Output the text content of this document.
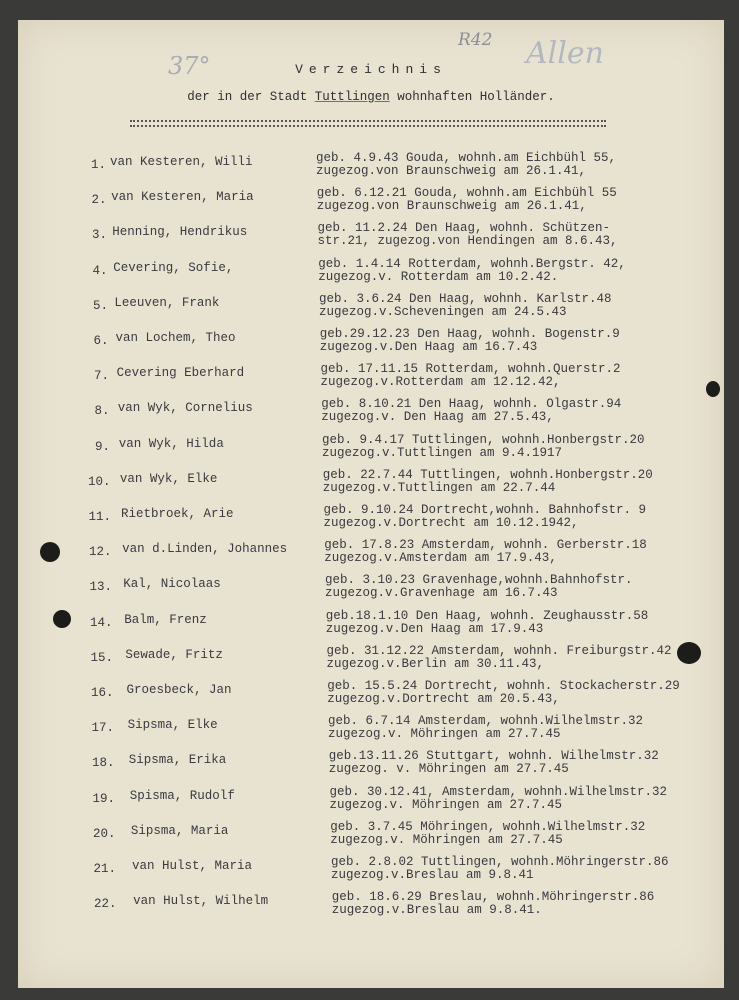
37°
R42 Allen
Verzeichnis
der in der Stadt Tuttlingen wohnhaften Holländer.
1. van Kesteren, Willi	geb. 4.9.43 Gouda, wohnh.am Eichbühl 55,
zugezog.von Braunschweig am 26.1.41,
2. van Kesteren, Maria	geb. 6.12.21 Gouda, wohnh.am Eichbühl 55
zugezog.von Braunschweig am 26.1.41,
3. Henning, Hendrikus	geb. 11.2.24 Den Haag, wohnh. Schützen-
str.21, zugezog.von Hendingen am 8.6.43,
4. Cevering, Sofie,	geb. 1.4.14 Rotterdam, wohnh.Bergstr. 42,
zugezog.v. Rotterdam am 10.2.42.
5. Leeuven, Frank	geb. 3.6.24 Den Haag, wohnh. Karlstr.48
zugezog.v.Scheveningen am 24.5.43
6. van Lochem, Theo	geb.29.12.23 Den Haag, wohnh. Bogenstr.9
zugezog.v.Den Haag am 16.7.43
7. Cevering Eberhard	geb. 17.11.15 Rotterdam, wohnh.Querstr.2
zugezog.v.Rotterdam am 12.12.42,
8. van Wyk, Cornelius	geb. 8.10.21 Den Haag, wohnh. Olgastr.94
zugezog.v. Den Haag am 27.5.43,
9. van Wyk, Hilda	geb. 9.4.17 Tuttlingen, wohnh.Honbergstr.20
zugezog.v.Tuttlingen am 9.4.1917
10. van Wyk, Elke	geb. 22.7.44 Tuttlingen, wohnh.Honbergstr.20
zugezog.v.Tuttlingen am 22.7.44
11. Rietbroek, Arie	geb. 9.10.24 Dortrecht,wohnh. Bahnhofstr. 9
zugezog.v.Dortrecht am 10.12.1942,
12. van d.Linden, Johannes	geb. 17.8.23 Amsterdam, wohnh. Gerberstr.18
zugezog.v.Amsterdam am 17.9.43,
13. Kal, Nicolaas	geb. 3.10.23 Gravenhage,wohnh.Bahnhofstr.
zugezog.v.Gravenhage am 16.7.43
14. Balm, Frenz	geb.18.1.10 Den Haag, wohnh. Zeughausstr.58
zugezog.v.Den Haag am 17.9.43
15. Sewade, Fritz	geb. 31.12.22 Amsterdam, wohnh. Freiburgstr.42
zugezog.v.Berlin am 30.11.43,
16. Groesbeck, Jan	geb. 15.5.24 Dortrecht, wohnh. Stockacherstr.29
zugezog.v.Dortrecht am 20.5.43,
17. Sipsma, Elke	geb. 6.7.14 Amsterdam, wohnh.Wilhelmstr.32
zugezog.v. Möhringen am 27.7.45
18. Sipsma, Erika	geb.13.11.26 Stuttgart, wohnh. Wilhelmstr.32
zugezog. v. Möhringen am 27.7.45
19. Spisma, Rudolf	geb. 30.12.41, Amsterdam, wohnh.Wilhelmstr.32
zugezog.v. Möhringen am 27.7.45
20. Sipsma, Maria	geb. 3.7.45 Möhringen, wohnh.Wilhelmstr.32
zugezog.v. Möhringen am 27.7.45
21. van Hulst, Maria	geb. 2.8.02 Tuttlingen, wohnh.Möhringerstr.86
zugezog.v.Breslau am 9.8.41
22. van Hulst, Wilhelm	geb. 18.6.29 Breslau, wohnh.Möhringerstr.86
zugezog.v.Breslau am 9.8.41.
